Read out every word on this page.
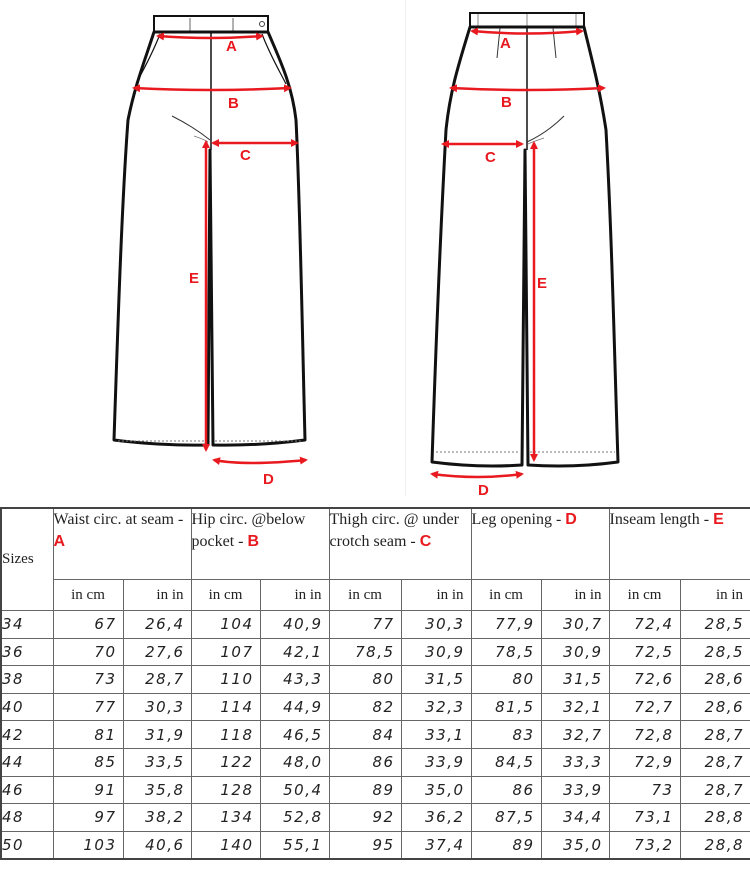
A
B
C
E
D
A
B
C
E
D
Sizes	Waist circ. at seam - A		Hip circ. @below pocket - B		Thigh circ. @ under crotch seam - C		Leg opening - D		Inseam length - E	
	in cm	in in	in cm	in in	in cm	in in	in cm	in in	in cm	in in
34	67	26,4	104	40,9	77	30,3	77,9	30,7	72,4	28,5
36	70	27,6	107	42,1	78,5	30,9	78,5	30,9	72,5	28,5
38	73	28,7	110	43,3	80	31,5	80	31,5	72,6	28,6
40	77	30,3	114	44,9	82	32,3	81,5	32,1	72,7	28,6
42	81	31,9	118	46,5	84	33,1	83	32,7	72,8	28,7
44	85	33,5	122	48,0	86	33,9	84,5	33,3	72,9	28,7
46	91	35,8	128	50,4	89	35,0	86	33,9	73	28,7
48	97	38,2	134	52,8	92	36,2	87,5	34,4	73,1	28,8
50	103	40,6	140	55,1	95	37,4	89	35,0	73,2	28,8
